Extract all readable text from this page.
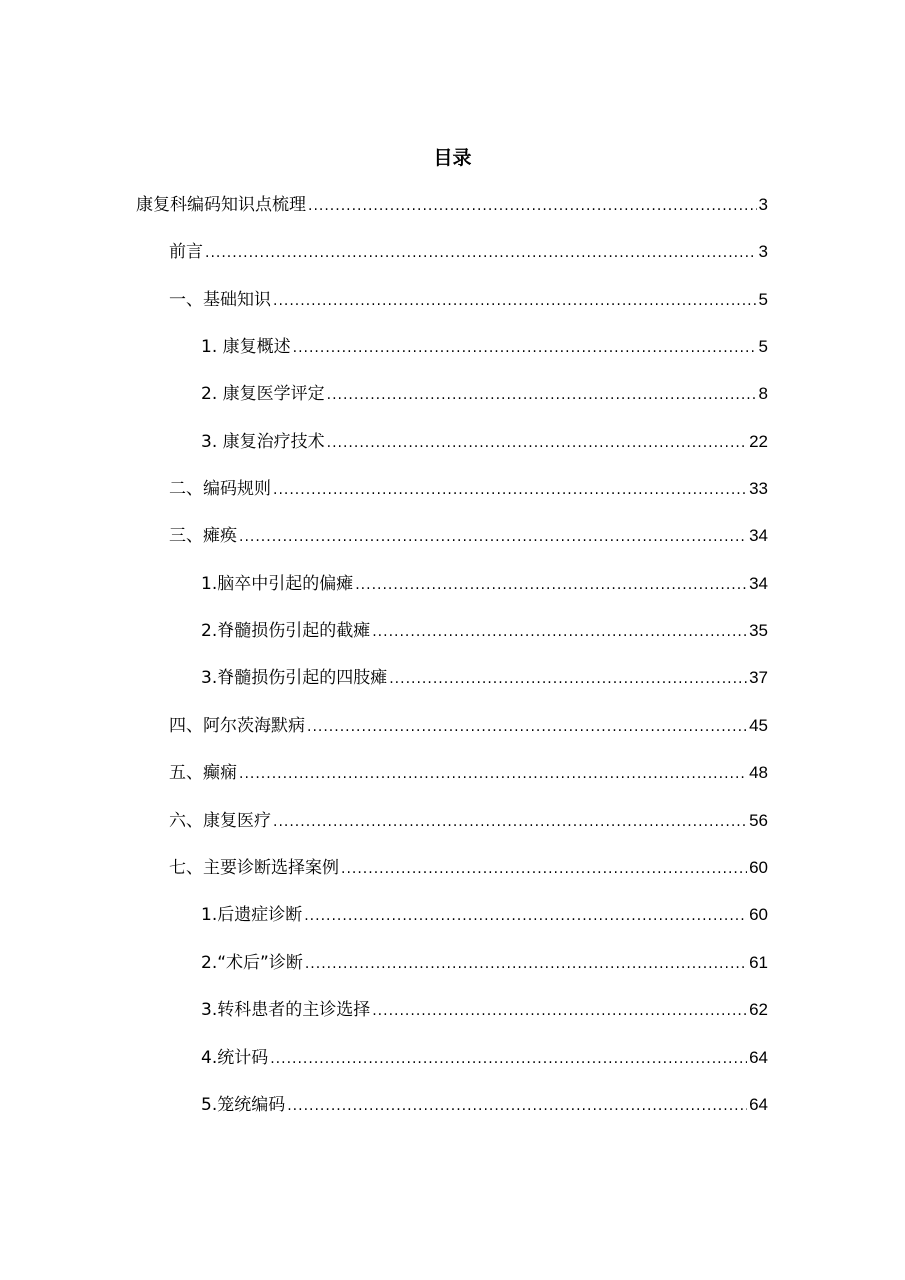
目录
康复科编码知识点梳理 .....	3
前言 .....	3
一、基础知识 .....	5
1. 康复概述 .....	5
2. 康复医学评定 .....	8
3. 康复治疗技术 .....	22
二、编码规则 .....	33
三、瘫痪 .....	34
1.脑卒中引起的偏瘫 .....	34
2.脊髓损伤引起的截瘫 .....	35
3.脊髓损伤引起的四肢瘫 .....	37
四、阿尔茨海默病 .....	45
五、癫痫 .....	48
六、康复医疗 .....	56
七、主要诊断选择案例 .....	60
1.后遗症诊断 .....	60
2.“术后”诊断 .....	61
3.转科患者的主诊选择 .....	62
4.统计码 .....	64
5.笼统编码 .....	64
